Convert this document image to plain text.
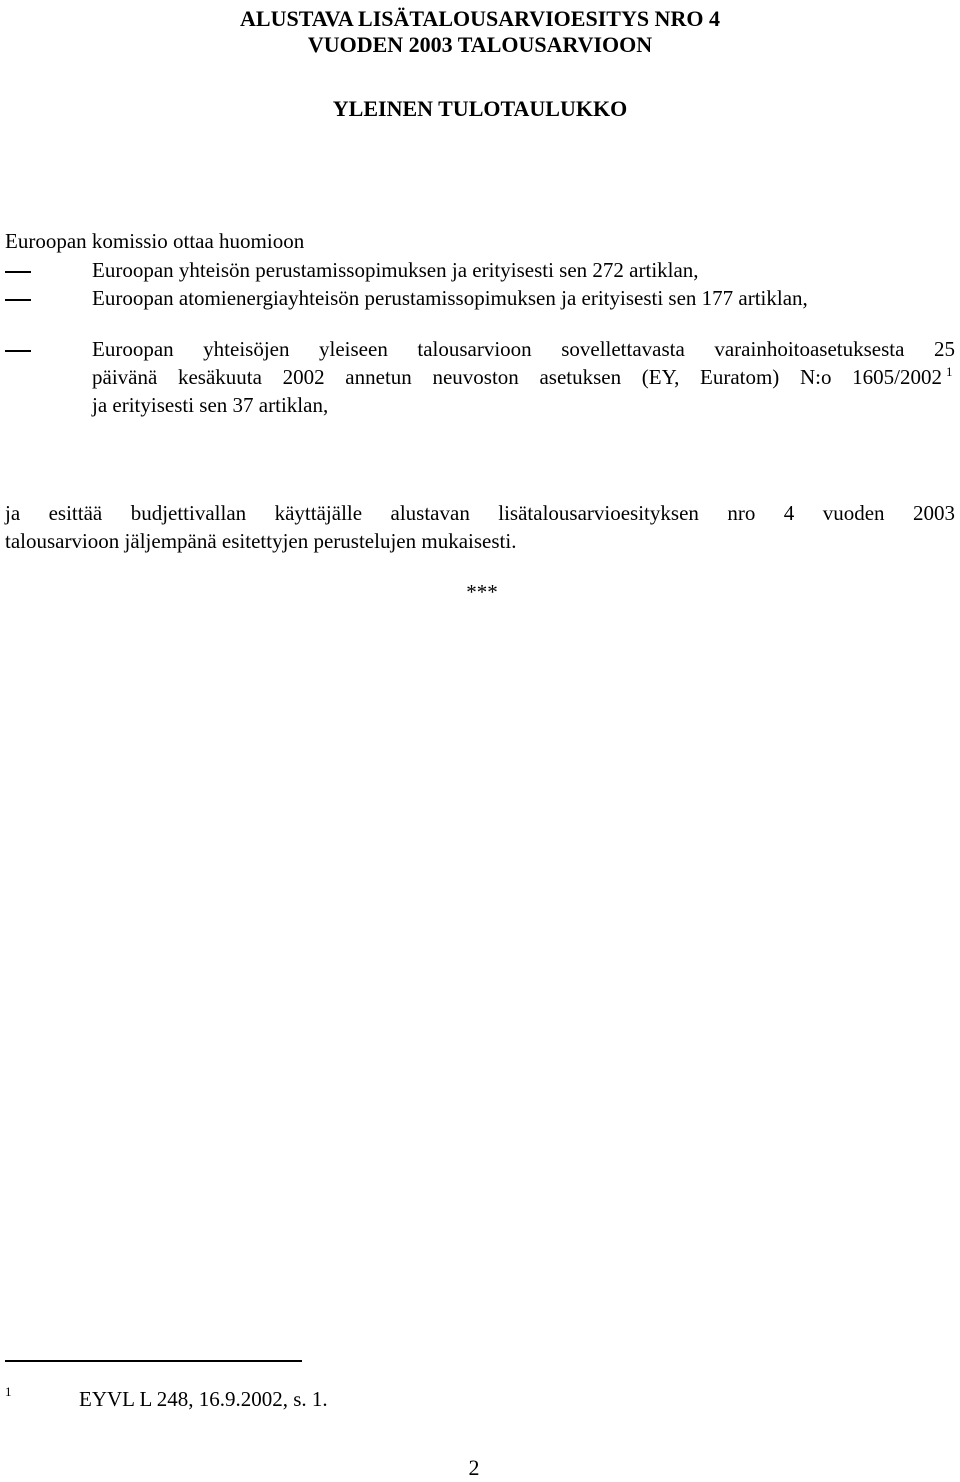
ALUSTAVA LISÄTALOUSARVIOESITYS NRO 4
VUODEN 2003 TALOUSARVIOON
YLEINEN TULOTAULUKKO
Euroopan komissio ottaa huomioon
Euroopan yhteisön perustamissopimuksen ja erityisesti sen 272 artiklan,
Euroopan atomienergiayhteisön perustamissopimuksen ja erityisesti sen 177 artiklan,
Euroopan yhteisöjen yleiseen talousarvioon sovellettavasta varainhoitoasetuksesta 25
päivänä kesäkuuta 2002 annetun neuvoston asetuksen (EY, Euratom) N:o 1605/2002 $^1$
ja erityisesti sen 37 artiklan,
ja esittää budjettivallan käyttäjälle alustavan lisätalousarvioesityksen nro 4 vuoden 2003
talousarvioon jäljempänä esitettyjen perustelujen mukaisesti.
***
1	EYVL L 248, 16.9.2002, s. 1.
2
